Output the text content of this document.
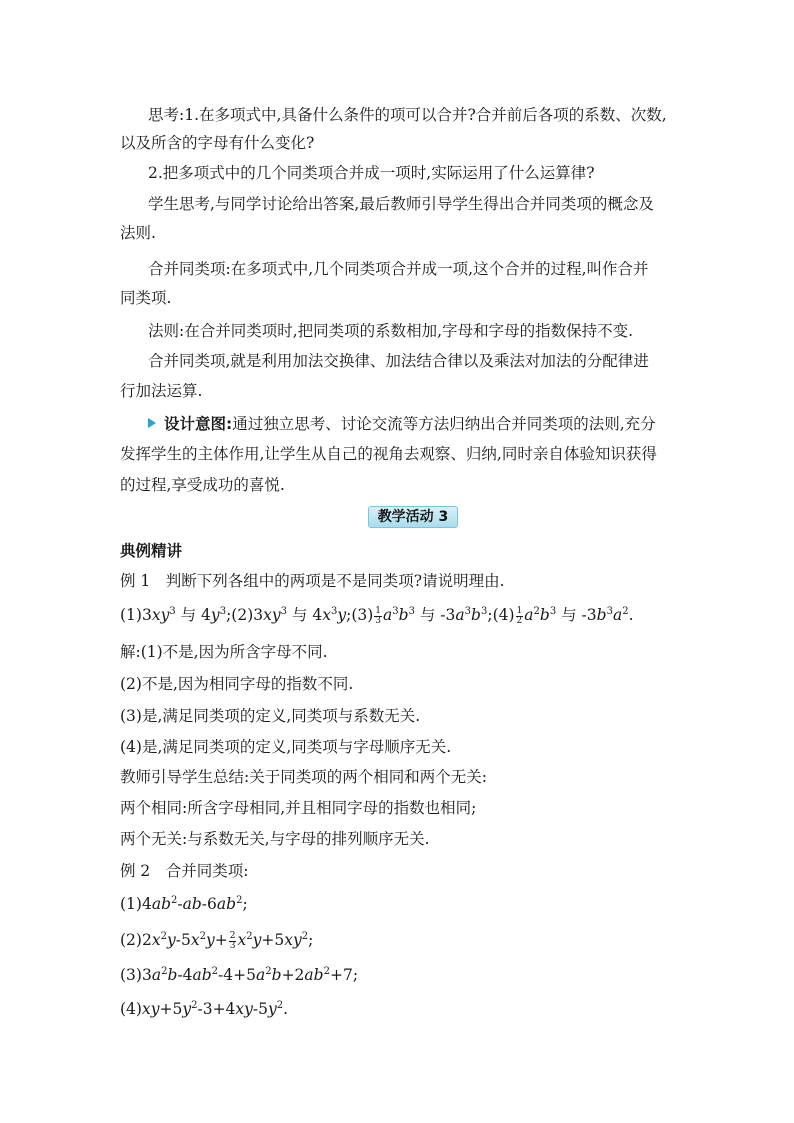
思考:1.在多项式中,具备什么条件的项可以合并?合并前后各项的系数、次数,
以及所含的字母有什么变化?
2.把多项式中的几个同类项合并成一项时,实际运用了什么运算律?
学生思考,与同学讨论给出答案,最后教师引导学生得出合并同类项的概念及
法则.
合并同类项:在多项式中,几个同类项合并成一项,这个合并的过程,叫作合并
同类项.
法则:在合并同类项时,把同类项的系数相加,字母和字母的指数保持不变.
合并同类项,就是利用加法交换律、加法结合律以及乘法对加法的分配律进
行加法运算.
设计意图:通过独立思考、讨论交流等方法归纳出合并同类项的法则,充分
发挥学生的主体作用,让学生从自己的视角去观察、归纳,同时亲自体验知识获得
的过程,享受成功的喜悦.
教学活动 3
典例精讲
例 1　判断下列各组中的两项是不是同类项?请说明理由.
$(1)3xy^3$ 与 $4y^3;(2)3xy^3$ 与 $4x^3y;(3) \frac{1}{3} a^3b^3$ 与 $-3a^3b^3;(4) \frac{1}{2} a^2b^3$ 与 $-3b^3a^2$.
解:(1)不是,因为所含字母不同.
(2)不是,因为相同字母的指数不同.
(3)是,满足同类项的定义,同类项与系数无关.
(4)是,满足同类项的定义,同类项与字母顺序无关.
教师引导学生总结:关于同类项的两个相同和两个无关:
两个相同:所含字母相同,并且相同字母的指数也相同;
两个无关:与系数无关,与字母的排列顺序无关.
例 2　合并同类项:
$(1)4ab^2-ab-6ab^2$;
$(2)2x^2y-5x^2y+ \frac{2}{3} x^2y+5xy^2$;
$(3)3a^2b-4ab^2-4+5a^2b+2ab^2+7$;
$(4)xy+5y^2-3+4xy-5y^2$.
